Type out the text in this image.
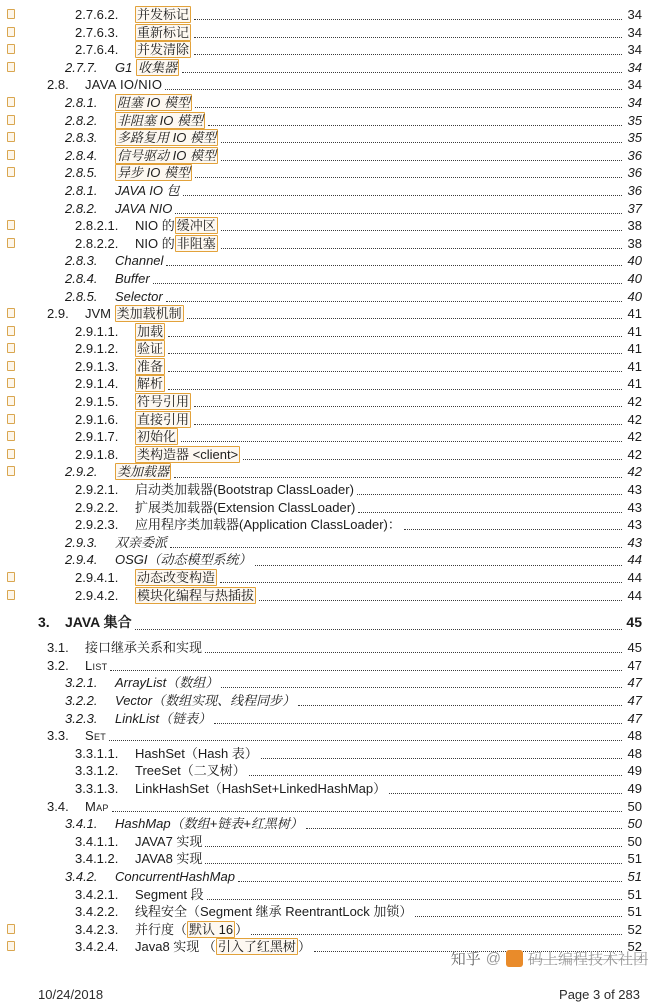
2.7.6.2.	并发标记	34
2.7.6.3.	重新标记	34
2.7.6.4.	并发清除	34
2.7.7.	G1 收集器	34
2.8.	JAVA IO/NIO	34
2.8.1.	阻塞 IO 模型	34
2.8.2.	非阻塞 IO 模型	35
2.8.3.	多路复用 IO 模型	35
2.8.4.	信号驱动 IO 模型	36
2.8.5.	异步 IO 模型	36
2.8.1.	JAVA IO 包	36
2.8.2.	JAVA NIO	37
2.8.2.1.	NIO 的 缓冲区	38
2.8.2.2.	NIO 的 非阻塞	38
2.8.3.	Channel	40
2.8.4.	Buffer	40
2.8.5.	Selector	40
2.9.	JVM 类加载机制	41
2.9.1.1.	加载	41
2.9.1.2.	验证	41
2.9.1.3.	准备	41
2.9.1.4.	解析	41
2.9.1.5.	符号引用	42
2.9.1.6.	直接引用	42
2.9.1.7.	初始化	42
2.9.1.8.	类构造器 <client>	42
2.9.2.	类加载器	42
2.9.2.1.	启动类加载器(Bootstrap ClassLoader)	43
2.9.2.2.	扩展类加载器(Extension ClassLoader)	43
2.9.2.3.	应用程序类加载器(Application ClassLoader)：	43
2.9.3.	双亲委派	43
2.9.4.	OSGI（动态模型系统）	44
2.9.4.1.	动态改变构造	44
2.9.4.2.	模块化编程与热插拔	44
3.	JAVA 集合	45
3.1.	接口继承关系和实现	45
3.2.	List	47
3.2.1.	ArrayList（数组）	47
3.2.2.	Vector（数组实现、线程同步）	47
3.2.3.	LinkList（链表）	47
3.3.	Set	48
3.3.1.1.	HashSet（Hash 表）	48
3.3.1.2.	TreeSet（二叉树）	49
3.3.1.3.	LinkHashSet（HashSet+LinkedHashMap）	49
3.4.	Map	50
3.4.1.	HashMap（数组+链表+红黑树）	50
3.4.1.1.	JAVA7 实现	50
3.4.1.2.	JAVA8 实现	51
3.4.2.	ConcurrentHashMap	51
3.4.2.1.	Segment 段	51
3.4.2.2.	线程安全（Segment 继承 ReentrantLock 加锁）	51
3.4.2.3.	并行度（ 默认 16 ）	52
3.4.2.4.	Java8 实现 （ 引入了红黑树 ）	52
知乎 @ 码上编程技术社团
10/24/2018	Page 3 of 283
